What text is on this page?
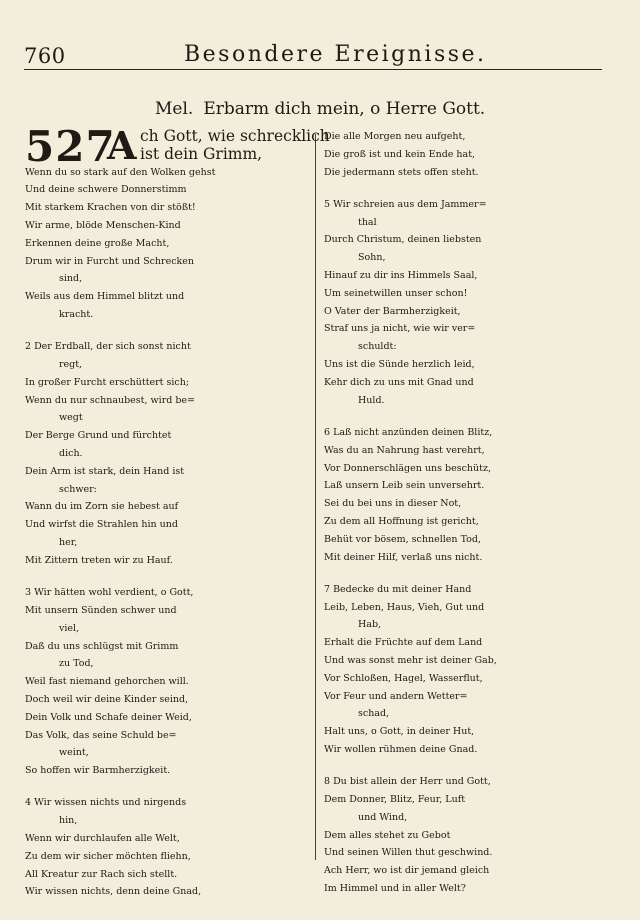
760	Besondere Ereignisse.
Mel. Erbarm dich mein, o Herre Gott.
527
A ch Gott, wie schrecklich
ist dein Grimm,
Wenn du so stark auf den Wolken gehst
Und deine schwere Donnerstimm
Mit starkem Krachen von dir stößt!
Wir arme, blöde Menschen-Kind
Erkennen deine große Macht,
Drum wir in Furcht und Schrecken
sind,
Weils aus dem Himmel blitzt und
kracht.
2 Der Erdball, der sich sonst nicht
regt,
In großer Furcht erschüttert sich;
Wenn du nur schnaubest, wird be=
wegt
Der Berge Grund und fürchtet
dich.
Dein Arm ist stark, dein Hand ist
schwer:
Wann du im Zorn sie hebest auf
Und wirfst die Strahlen hin und
her,
Mit Zittern treten wir zu Hauf.
3 Wir hätten wohl verdient, o Gott,
Mit unsern Sünden schwer und
viel,
Daß du uns schlügst mit Grimm
zu Tod,
Weil fast niemand gehorchen will.
Doch weil wir deine Kinder seind,
Dein Volk und Schafe deiner Weid,
Das Volk, das seine Schuld be=
weint,
So hoffen wir Barmherzigkeit.
4 Wir wissen nichts und nirgends
hin,
Wenn wir durchlaufen alle Welt,
Zu dem wir sicher möchten fliehn,
All Kreatur zur Rach sich stellt.
Wir wissen nichts, denn deine Gnad,
Die alle Morgen neu aufgeht,
Die groß ist und kein Ende hat,
Die jedermann stets offen steht.
5 Wir schreien aus dem Jammer=
thal
Durch Christum, deinen liebsten
Sohn,
Hinauf zu dir ins Himmels Saal,
Um seinetwillen unser schon!
O Vater der Barmherzigkeit,
Straf uns ja nicht, wie wir ver=
schuldt:
Uns ist die Sünde herzlich leid,
Kehr dich zu uns mit Gnad und
Huld.
6 Laß nicht anzünden deinen Blitz,
Was du an Nahrung hast verehrt,
Vor Donnerschlägen uns beschütz,
Laß unsern Leib sein unversehrt.
Sei du bei uns in dieser Not,
Zu dem all Hoffnung ist gericht,
Behüt vor bösem, schnellen Tod,
Mit deiner Hilf, verlaß uns nicht.
7 Bedecke du mit deiner Hand
Leib, Leben, Haus, Vieh, Gut und
Hab,
Erhalt die Früchte auf dem Land
Und was sonst mehr ist deiner Gab,
Vor Schloßen, Hagel, Wasserflut,
Vor Feur und andern Wetter=
schad,
Halt uns, o Gott, in deiner Hut,
Wir wollen rühmen deine Gnad.
8 Du bist allein der Herr und Gott,
Dem Donner, Blitz, Feur, Luft
und Wind,
Dem alles stehet zu Gebot
Und seinen Willen thut geschwind.
Ach Herr, wo ist dir jemand gleich
Im Himmel und in aller Welt?
